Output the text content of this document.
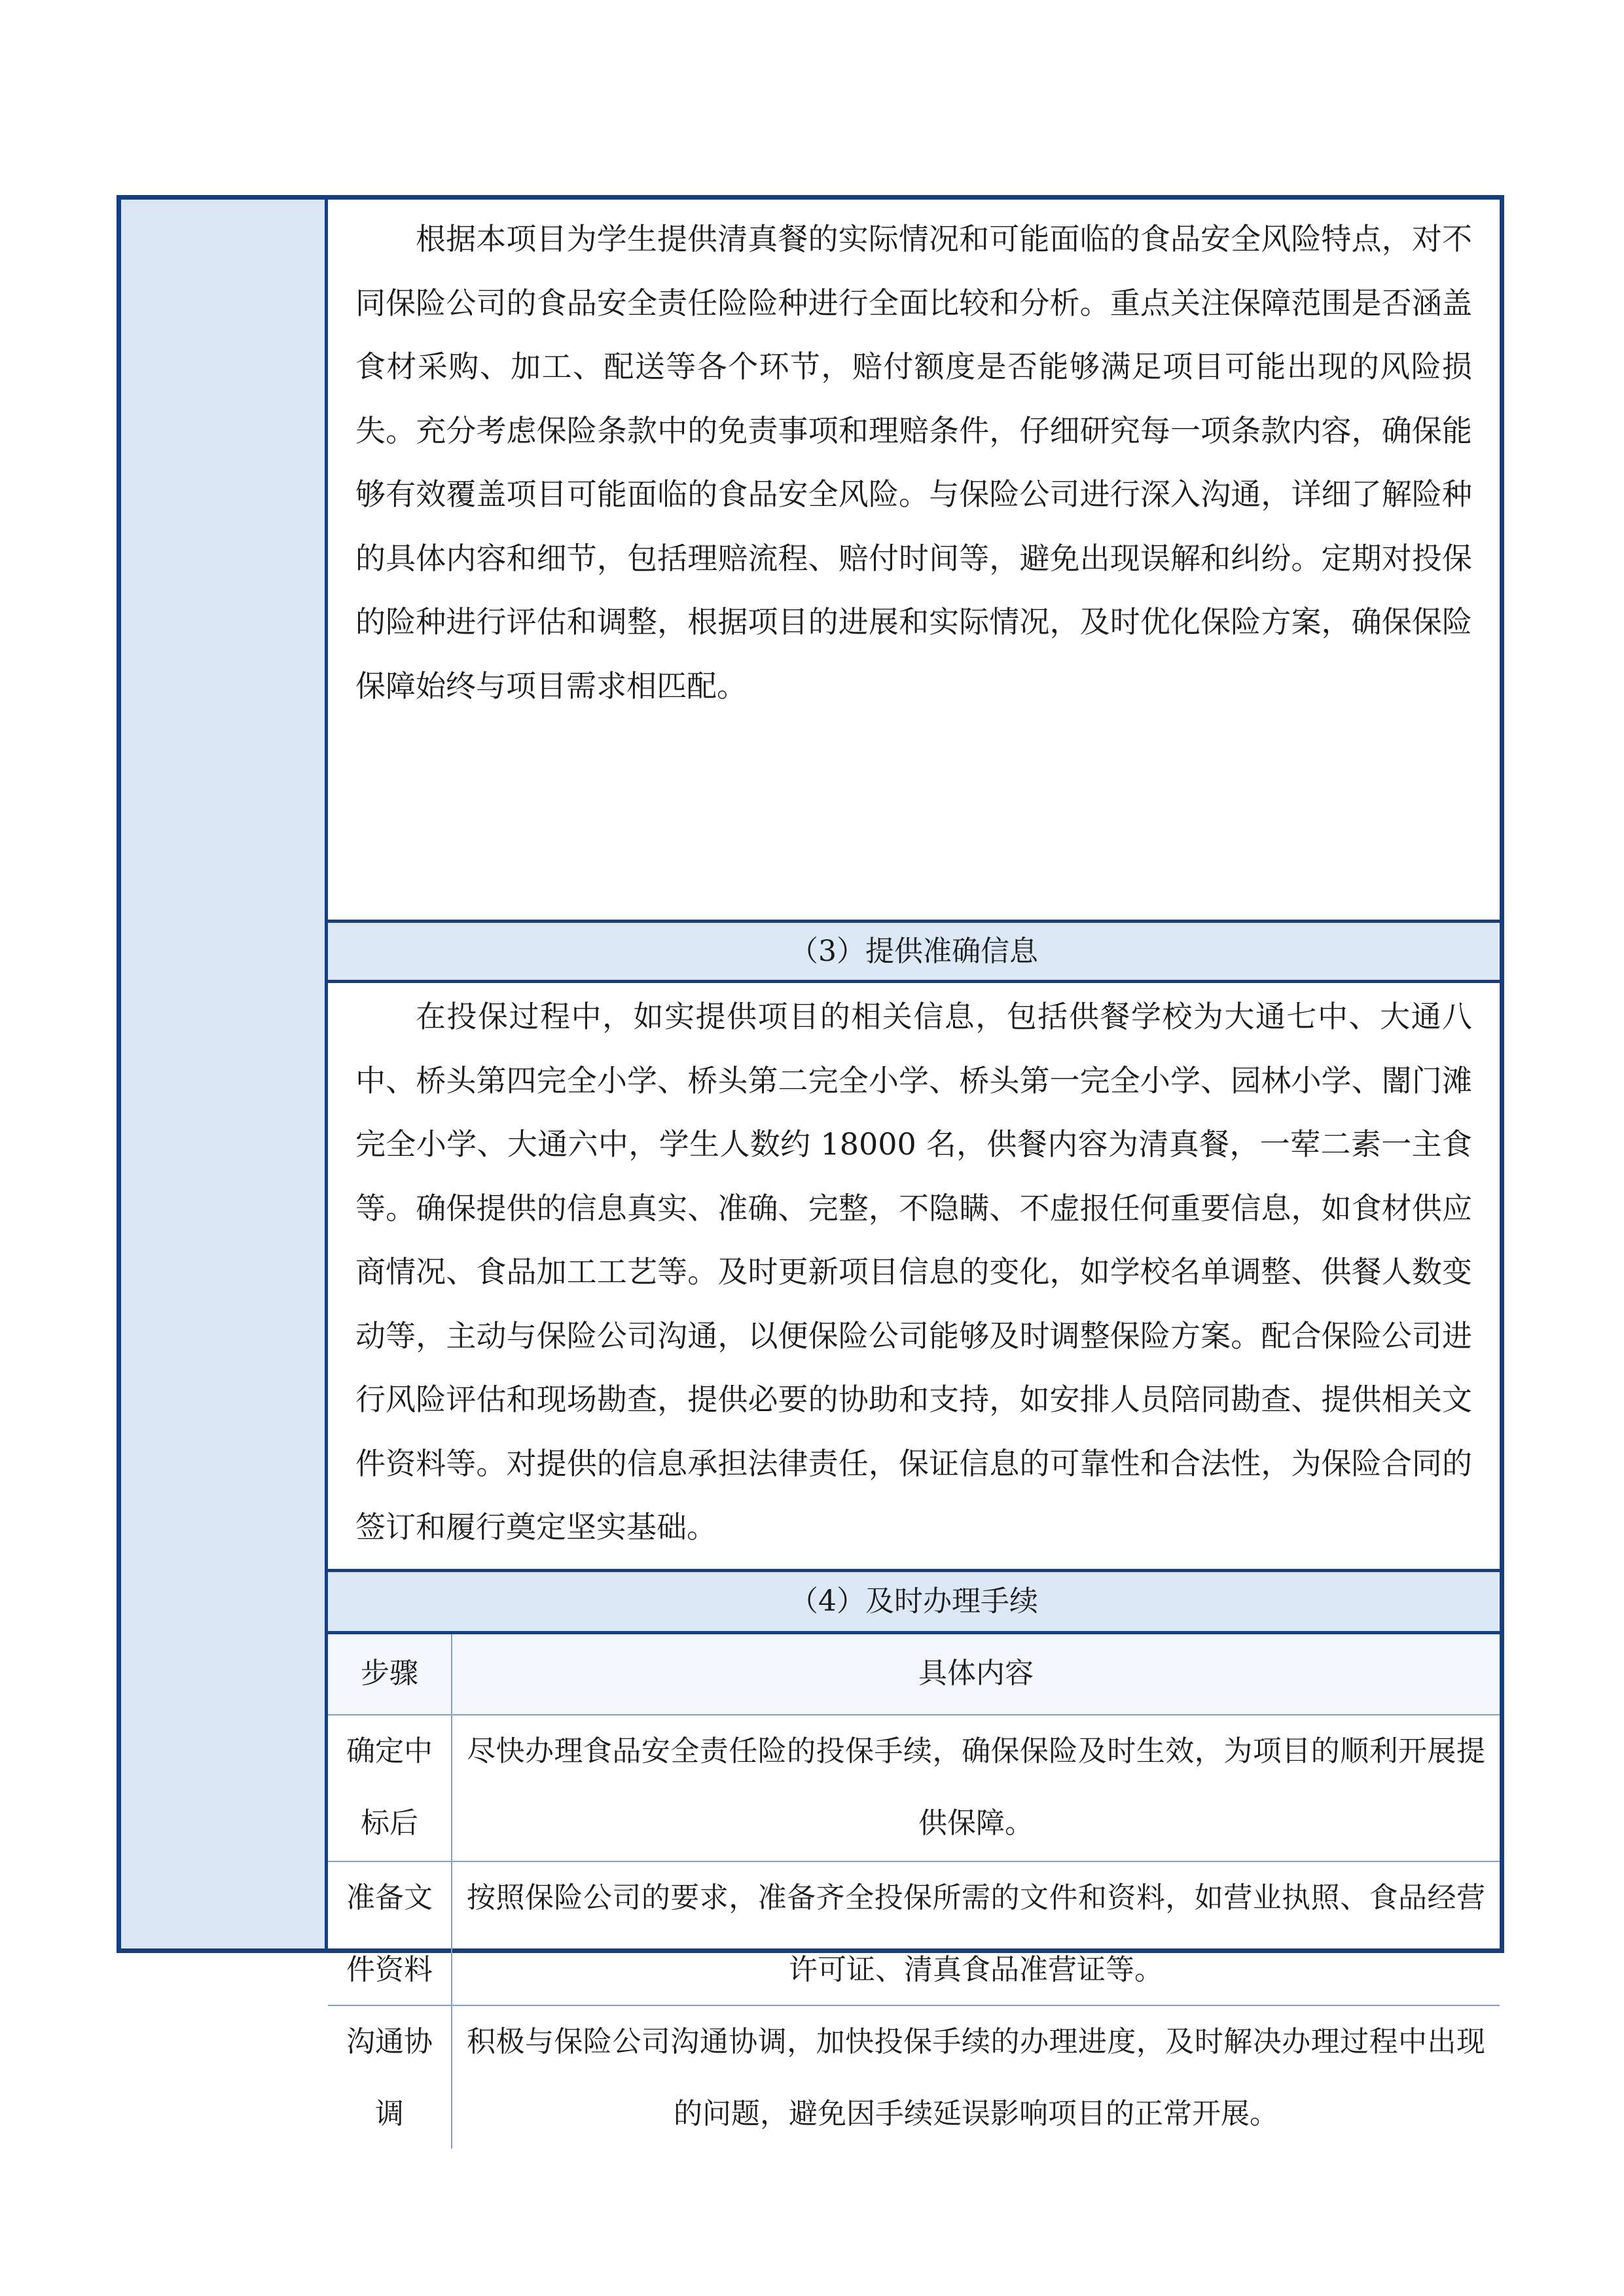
根据本项目为学生提供清真餐的实际情况和可能面临的食品安全风险特点，对不同保险公司的食品安全责任险险种进行全面比较和分析。重点关注保障范围是否涵盖食材采购、加工、配送等各个环节，赔付额度是否能够满足项目可能出现的风险损失。充分考虑保险条款中的免责事项和理赔条件，仔细研究每一项条款内容，确保能够有效覆盖项目可能面临的食品安全风险。与保险公司进行深入沟通，详细了解险种的具体内容和细节，包括理赔流程、赔付时间等，避免出现误解和纠纷。定期对投保的险种进行评估和调整，根据项目的进展和实际情况，及时优化保险方案，确保保险保障始终与项目需求相匹配。

（3）提供准确信息

在投保过程中，如实提供项目的相关信息，包括供餐学校为大通七中、大通八中、桥头第四完全小学、桥头第二完全小学、桥头第一完全小学、园林小学、闇门滩完全小学、大通六中，学生人数约 18000 名，供餐内容为清真餐，一荤二素一主食等。确保提供的信息真实、准确、完整，不隐瞒、不虚报任何重要信息，如食材供应商情况、食品加工工艺等。及时更新项目信息的变化，如学校名单调整、供餐人数变动等，主动与保险公司沟通，以便保险公司能够及时调整保险方案。配合保险公司进行风险评估和现场勘查，提供必要的协助和支持，如安排人员陪同勘查、提供相关文件资料等。对提供的信息承担法律责任，保证信息的可靠性和合法性，为保险合同的签订和履行奠定坚实基础。

（4）及时办理手续
步骤	具体内容
确定中标后
尽快办理食品安全责任险的投保手续，确保保险及时生效，为项目的顺利开展提供保障。
准备文件资料
按照保险公司的要求，准备齐全投保所需的文件和资料，如营业执照、食品经营许可证、清真食品准营证等。
沟通协调
积极与保险公司沟通协调，加快投保手续的办理进度，及时解决办理过程中出现的问题，避免因手续延误影响项目的正常开展。
